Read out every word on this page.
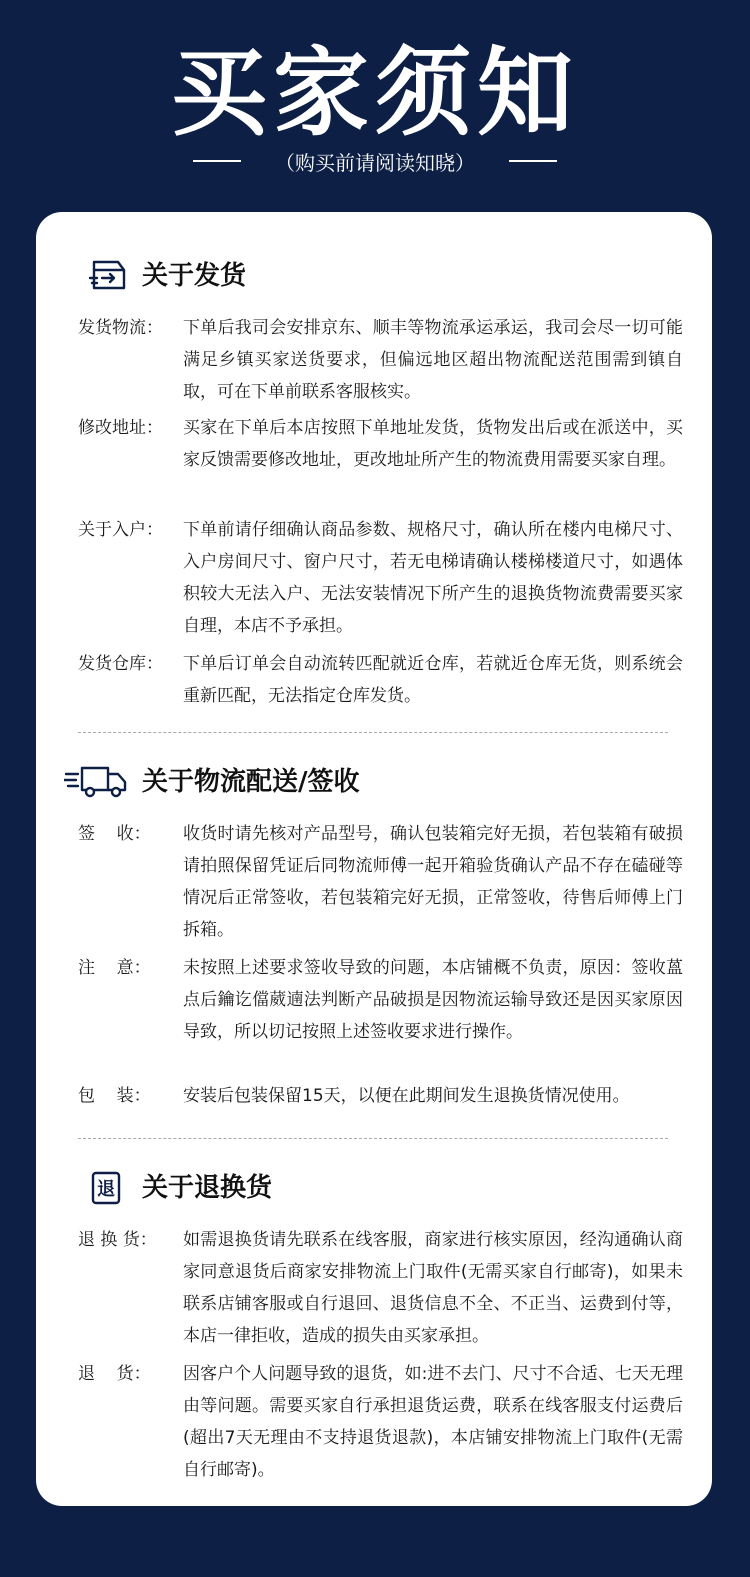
买家须知
（购买前请阅读知晓）
关于发货
发货物流：	下单后我司会安排京东、顺丰等物流承运承运，我司会尽一切可能满足乡镇买家送货要求，但偏远地区超出物流配送范围需到镇自取，可在下单前联系客服核实。
修改地址：	买家在下单后本店按照下单地址发货，货物发出后或在派送中，买家反馈需要修改地址，更改地址所产生的物流费用需要买家自理。
关于入户：	下单前请仔细确认商品参数、规格尺寸，确认所在楼内电梯尺寸、入户房间尺寸、窗户尺寸，若无电梯请确认楼梯楼道尺寸，如遇体积较大无法入户、无法安装情况下所产生的退换货物流费需要买家自理，本店不予承担。
发货仓库：	下单后订单会自动流转匹配就近仓库，若就近仓库无货，则系统会重新匹配，无法指定仓库发货。
关于物流配送/签收
签    收：	收货时请先核对产品型号，确认包装箱完好无损，若包装箱有破损请拍照保留凭证后同物流师傅一起开箱验货确认产品不存在磕碰等情况后正常签收，若包装箱完好无损，正常签收，待售后师傅上门拆箱。
注    意：	未按照上述要求签收导致的问题，本店铺概不负责，原因：签收蒕点后鑰讫儅葳遖法判断产品破损是因物流运输导致还是因买家原因导致，所以切记按照上述签收要求进行操作。
包    装：	安装后包装保留15天，以便在此期间发生退换货情况使用。
退 关于退换货
退 换 货：	如需退换货请先联系在线客服，商家进行核实原因，经沟通确认商家同意退货后商家安排物流上门取件(无需买家自行邮寄)，如果未联系店铺客服或自行退回、退货信息不全、不正当、运费到付等，本店一律拒收，造成的损失由买家承担。
退    货：	因客户个人问题导致的退货，如:进不去门、尺寸不合适、七天无理由等问题。需要买家自行承担退货运费，联系在线客服支付运费后(超出7天无理由不支持退货退款)，本店铺安排物流上门取件(无需自行邮寄)。
